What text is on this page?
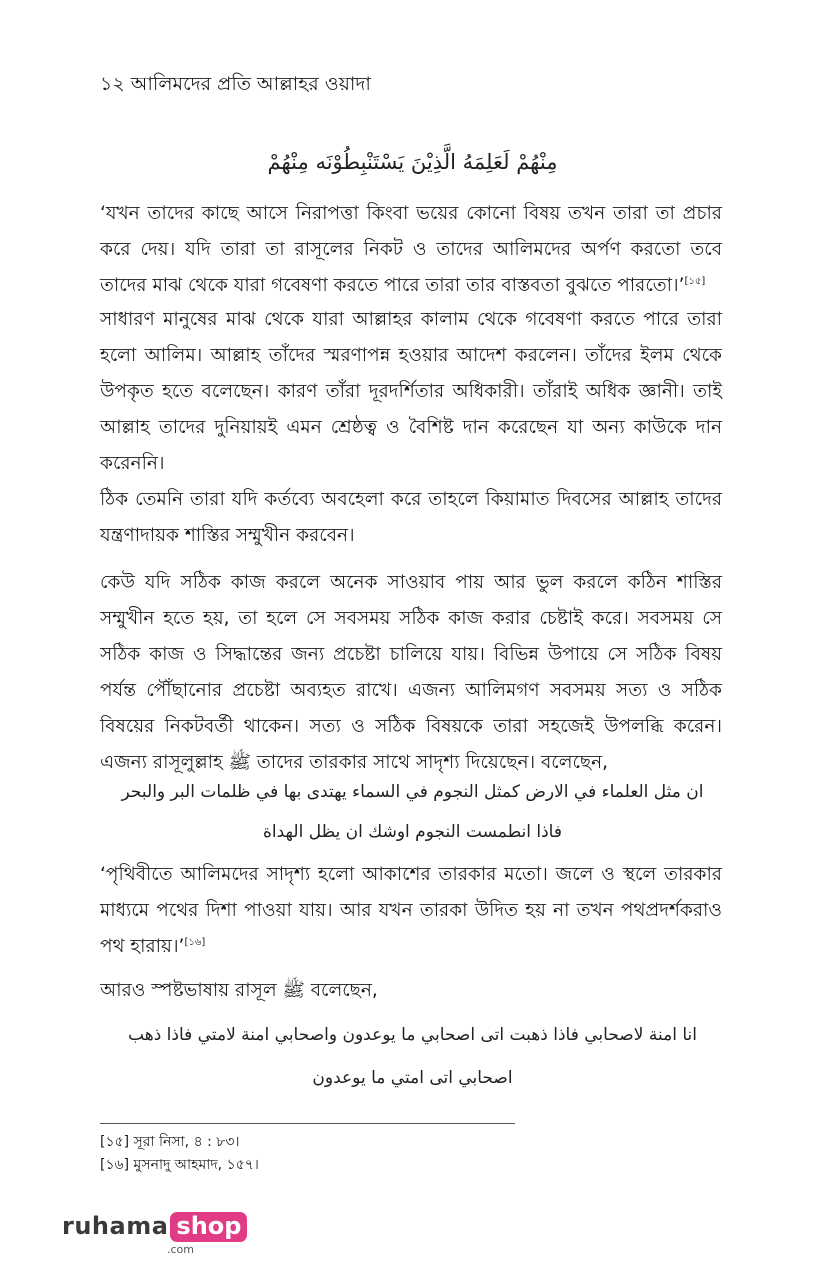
১২ আলিমদের প্রতি আল্লাহর ওয়াদা
مِنْهُمْ لَعَلِمَهُ الَّذِيْنَ يَسْتَنْبِطُوْنَه مِنْهُمْ

‘যখন তাদের কাছে আসে নিরাপত্তা কিংবা ভয়ের কোনো বিষয় তখন তারা তা প্রচার করে দেয়। যদি তারা তা রাসূলের নিকট ও তাদের আলিমদের অর্পণ করতো তবে তাদের মাঝ থেকে যারা গবেষণা করতে পারে তারা তার বাস্তবতা বুঝতে পারতো।’[১৫]

সাধারণ মানুষের মাঝ থেকে যারা আল্লাহর কালাম থেকে গবেষণা করতে পারে তারা হলো আলিম। আল্লাহ তাঁদের স্মরণাপন্ন হওয়ার আদেশ করলেন। তাঁদের ইলম থেকে উপকৃত হতে বলেছেন। কারণ তাঁরা দূরদর্শিতার অধিকারী। তাঁরাই অধিক জ্ঞানী। তাই আল্লাহ তাদের দুনিয়ায়ই এমন শ্রেষ্ঠত্ব ও বৈশিষ্ট দান করেছেন যা অন্য কাউকে দান করেননি।

ঠিক তেমনি তারা যদি কর্তব্যে অবহেলা করে তাহলে কিয়ামাত দিবসের আল্লাহ তাদের যন্ত্রণাদায়ক শাস্তির সম্মুখীন করবেন।

কেউ যদি সঠিক কাজ করলে অনেক সাওয়াব পায় আর ভুল করলে কঠিন শাস্তির সম্মুখীন হতে হয়, তা হলে সে সবসময় সঠিক কাজ করার চেষ্টাই করে। সবসময় সে সঠিক কাজ ও সিদ্ধান্তের জন্য প্রচেষ্টা চালিয়ে যায়। বিভিন্ন উপায়ে সে সঠিক বিষয় পর্যন্ত পৌঁছানোর প্রচেষ্টা অব্যহত রাখে। এজন্য আলিমগণ সবসময় সত্য ও সঠিক বিষয়ের নিকটবর্তী থাকেন। সত্য ও সঠিক বিষয়কে তারা সহজেই উপলব্ধি করেন। এজন্য রাসূলুল্লাহ ﷺ তাদের তারকার সাথে সাদৃশ্য দিয়েছেন। বলেছেন,

ان مثل العلماء في الارض كمثل النجوم في السماء يهتدى بها في ظلمات البر والبحر
فاذا انطمست النجوم اوشك ان يظل الهداة

‘পৃথিবীতে আলিমদের সাদৃশ্য হলো আকাশের তারকার মতো। জলে ও স্থলে তারকার মাধ্যমে পথের দিশা পাওয়া যায়। আর যখন তারকা উদিত হয় না তখন পথপ্রদর্শকরাও পথ হারায়।’[১৬]

আরও স্পষ্টভাষায় রাসূল ﷺ বলেছেন,

انا امنة لاصحابي فاذا ذهبت اتى اصحابي ما يوعدون واصحابي امنة لامتي فاذا ذهب
اصحابي اتى امتي ما يوعدون
[১৫] সূরা নিসা, ৪ : ৮৩।
[১৬] মুসনাদু আহমাদ, ১৫৭।
ruhama shop
.com
